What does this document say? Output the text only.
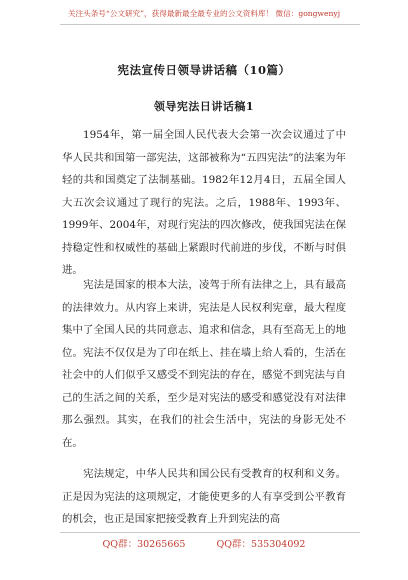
关注头条号“公文研究”，获得最新最全最专业的公文资料库！ 微信：gongwenyj
宪法宣传日领导讲话稿（10篇）
领导宪法日讲话稿1

1954年，第一届全国人民代表大会第一次会议通过了中华人民共和国第一部宪法，这部被称为“五四宪法”的法案为年轻的共和国奠定了法制基础。1982年12月4日，五届全国人大五次会议通过了现行的宪法。之后，1988年、1993年、1999年、2004年，对现行宪法的四次修改，使我国宪法在保持稳定性和权威性的基础上紧跟时代前进的步伐，不断与时俱进。

宪法是国家的根本大法，凌驾于所有法律之上，具有最高的法律效力。从内容上来讲，宪法是人民权利宪章，最大程度集中了全国人民的共同意志、追求和信念，具有至高无上的地位。宪法不仅仅是为了印在纸上、挂在墙上给人看的，生活在社会中的人们似乎又感受不到宪法的存在，感觉不到宪法与自己的生活之间的关系，至少是对宪法的感受和感觉没有对法律那么强烈。其实，在我们的社会生活中，宪法的身影无处不在。

宪法规定，中华人民共和国公民有受教育的权利和义务。正是因为宪法的这项规定，才能使更多的人有享受到公平教育的机会，也正是国家把接受教育上升到宪法的高

QQ群：30265665	QQ群：535304092
